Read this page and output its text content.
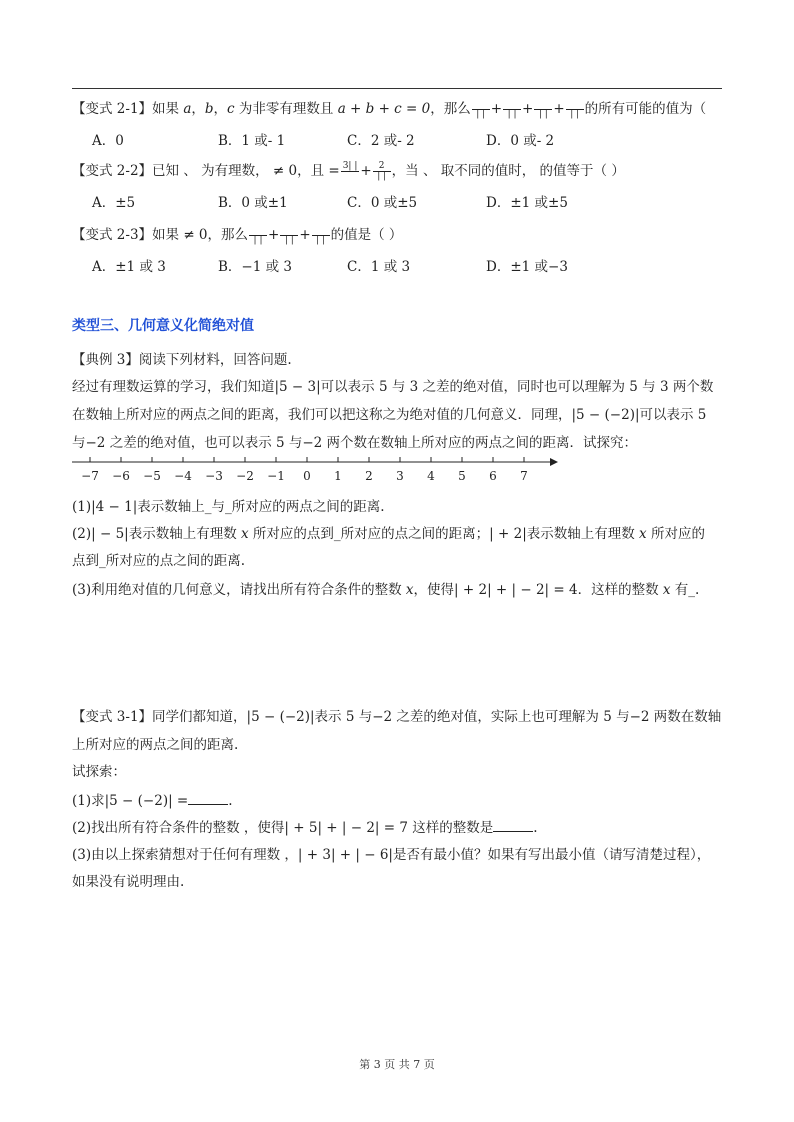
【变式 2-1】如果 a，b，c 为非零有理数且 a + b + c = 0，那么 | | + | | + | | + | | 的所有可能的值为（
A．0	B．1 或- 1	C．2 或- 2	D．0 或- 2
【变式 2-2】已知 、 为有理数， ≠ 0，且 = 3| | + $\frac{2}{| |}$ ，当 、 取不同的值时， 的值等于（ ）
A．±5	B．0 或±1	C．0 或±5	D．±1 或±5
【变式 2-3】如果 ≠ 0，那么 | | + | | + | | 的值是（ ）
A．±1 或 3	B．−1 或 3	C．1 或 3	D．±1 或−3
类型三、几何意义化简绝对值
【典例 3】阅读下列材料，回答问题.
经过有理数运算的学习，我们知道|5 − 3|可以表示 5 与 3 之差的绝对值，同时也可以理解为 5 与 3 两个数
在数轴上所对应的两点之间的距离，我们可以把这称之为绝对值的几何意义．同理，|5 − (−2)|可以表示 5
与−2 之差的绝对值，也可以表示 5 与−2 两个数在数轴上所对应的两点之间的距离．试探究：
−7 −6 −5 −4 −3 −2 −1 0 1 2 3 4 5 6 7
(1)|4 − 1|表示数轴上_与_所对应的两点之间的距离.
(2)| − 5|表示数轴上有理数 x 所对应的点到_所对应的点之间的距离；| + 2|表示数轴上有理数 x 所对应的
点到_所对应的点之间的距离.
(3)利用绝对值的几何意义，请找出所有符合条件的整数 x，使得| + 2| + | − 2| = 4．这样的整数 x 有_.
【变式 3-1】同学们都知道，|5 − (−2)|表示 5 与−2 之差的绝对值，实际上也可理解为 5 与−2 两数在数轴
上所对应的两点之间的距离.
试探索：
(1)求|5 − (−2)| =	.
(2)找出所有符合条件的整数 ，使得| + 5| + | − 2| = 7 这样的整数是	.
(3)由以上探索猜想对于任何有理数 ，| + 3| + | − 6|是否有最小值？如果有写出最小值（请写清楚过程），
如果没有说明理由.
第 3 页 共 7 页
